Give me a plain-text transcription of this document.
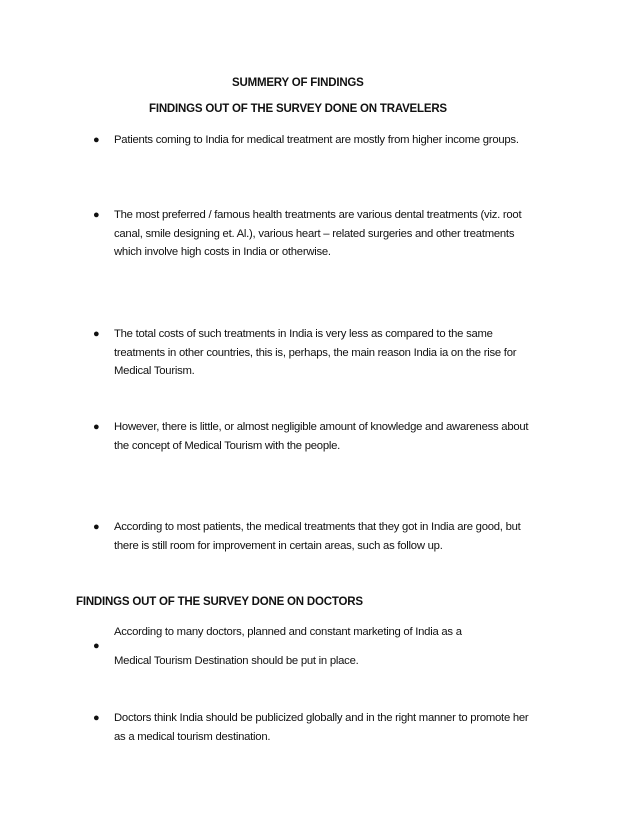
SUMMERY OF FINDINGS
FINDINGS OUT OF THE SURVEY DONE ON TRAVELERS
● Patients coming to India for medical treatment are mostly from higher income groups.
● The most preferred / famous health treatments are various dental treatments (viz. root canal, smile designing et. Al.), various heart – related surgeries and other treatments which involve high costs in India or otherwise.
● The total costs of such treatments in India is very less as compared to the same treatments in other countries, this is, perhaps, the main reason India ia on the rise for Medical Tourism.
● However, there is little, or almost negligible amount of knowledge and awareness about the concept of Medical Tourism with the people.
● According to most patients, the medical treatments that they got in India are good, but there is still room for improvement in certain areas, such as follow up.
FINDINGS OUT OF THE SURVEY DONE ON DOCTORS
●

According to many doctors, planned and constant marketing of India as a

Medical Tourism Destination should be put in place.

● Doctors think India should be publicized globally and in the right manner to promote her as a medical tourism destination.
